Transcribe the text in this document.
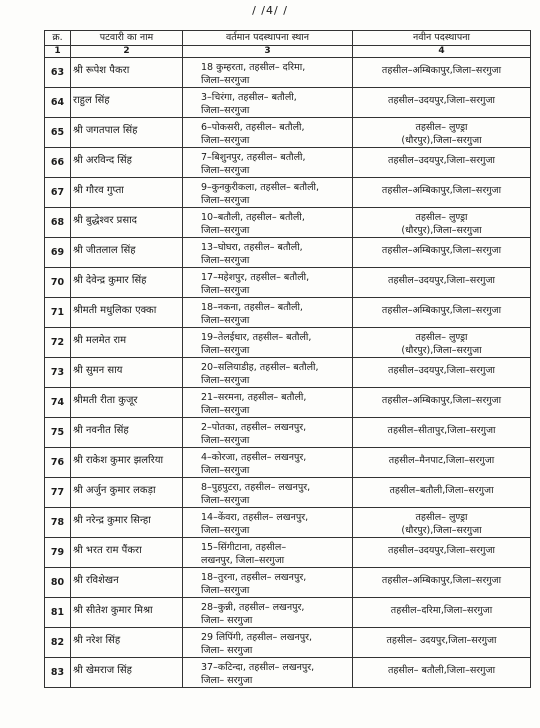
/ /4/ /
क्र.	पटवारी का नाम	वर्तमान पदस्थापना स्थान	नवीन पदस्थापना
1	2	3	4
63	श्री रूपेश पैकरा	18 कुम्हरता, तहसील– दरिमा,
जिला–सरगुजा	तहसील–अम्बिकापुर,जिला–सरगुजा

64	राहुल सिंह	3–चिरंगा, तहसील– बतौली,
जिला–सरगुजा	तहसील–उदयपुर,जिला–सरगुजा

65	श्री जगतपाल सिंह	6–पोकसरी, तहसील– बतौली,
जिला–सरगुजा	तहसील– लुण्ड्रा
(धौरपुर),जिला–सरगुजा

66	श्री अरविन्द सिंह	7–बिशुनपुर, तहसील– बतौली,
जिला–सरगुजा	तहसील–उदयपुर,जिला–सरगुजा

67	श्री गौरव गुप्ता	9–कुनकुरीकला, तहसील– बतौली,
जिला–सरगुजा	तहसील–अम्बिकापुर,जिला–सरगुजा

68	श्री बुद्धेश्वर प्रसाद	10–बतौली, तहसील– बतौली,
जिला–सरगुजा	तहसील– लुण्ड्रा
(धौरपुर),जिला–सरगुजा

69	श्री जीतलाल सिंह	13–घोघरा, तहसील– बतौली,
जिला–सरगुजा	तहसील–अम्बिकापुर,जिला–सरगुजा

70	श्री देवेन्द्र कुमार सिंह	17–महेशपुर, तहसील– बतौली,
जिला–सरगुजा	तहसील–उदयपुर,जिला–सरगुजा

71	श्रीमती मधुलिका एक्का	18–नकना, तहसील– बतौली,
जिला–सरगुजा	तहसील–अम्बिकापुर,जिला–सरगुजा

72	श्री मलमेत राम	19–तेलईधार, तहसील– बतौली,
जिला–सरगुजा	तहसील– लुण्ड्रा
(धौरपुर),जिला–सरगुजा

73	श्री सुमन साय	20–सलियाडीह, तहसील– बतौली,
जिला–सरगुजा	तहसील–उदयपुर,जिला–सरगुजा

74	श्रीमती रीता कुजूर	21–सरमना, तहसील– बतौली,
जिला–सरगुजा	तहसील–अम्बिकापुर,जिला–सरगुजा

75	श्री नवनीत सिंह	2–पोतका, तहसील– लखनपुर,
जिला–सरगुजा	तहसील–सीतापुर,जिला–सरगुजा

76	श्री राकेश कुमार झलरिया	4–कोरजा, तहसील– लखनपुर,
जिला–सरगुजा	तहसील–मैनपाट,जिला–सरगुजा

77	श्री अर्जुन कुमार लकड़ा	8–पुहपुटरा, तहसील– लखनपुर,
जिला–सरगुजा	तहसील–बतौली,जिला–सरगुजा

78	श्री नरेन्द्र कुमार सिन्हा	14–केंवरा, तहसील– लखनपुर,
जिला–सरगुजा	तहसील– लुण्ड्रा
(धौरपुर),जिला–सरगुजा

79	श्री भरत राम पैंकरा	15–सिंगीटाना, तहसील–
लखनपुर, जिला–सरगुजा	तहसील–उदयपुर,जिला–सरगुजा

80	श्री रविशेखन	18–तुरना, तहसील– लखनपुर,
जिला–सरगुजा	तहसील–अम्बिकापुर,जिला–सरगुजा

81	श्री सीतेश कुमार मिश्रा	28–कुन्नी, तहसील– लखनपुर,
जिला– सरगुजा	तहसील–दरिमा,जिला–सरगुजा

82	श्री नरेश सिंह	29 लिपिंगी, तहसील– लखनपुर,
जिला– सरगुजा	तहसील– उदयपुर,जिला–सरगुजा

83	श्री खेमराज सिंह	37–कटिन्दा, तहसील– लखनपुर,
जिला– सरगुजा	तहसील– बतौली,जिला–सरगुजा
